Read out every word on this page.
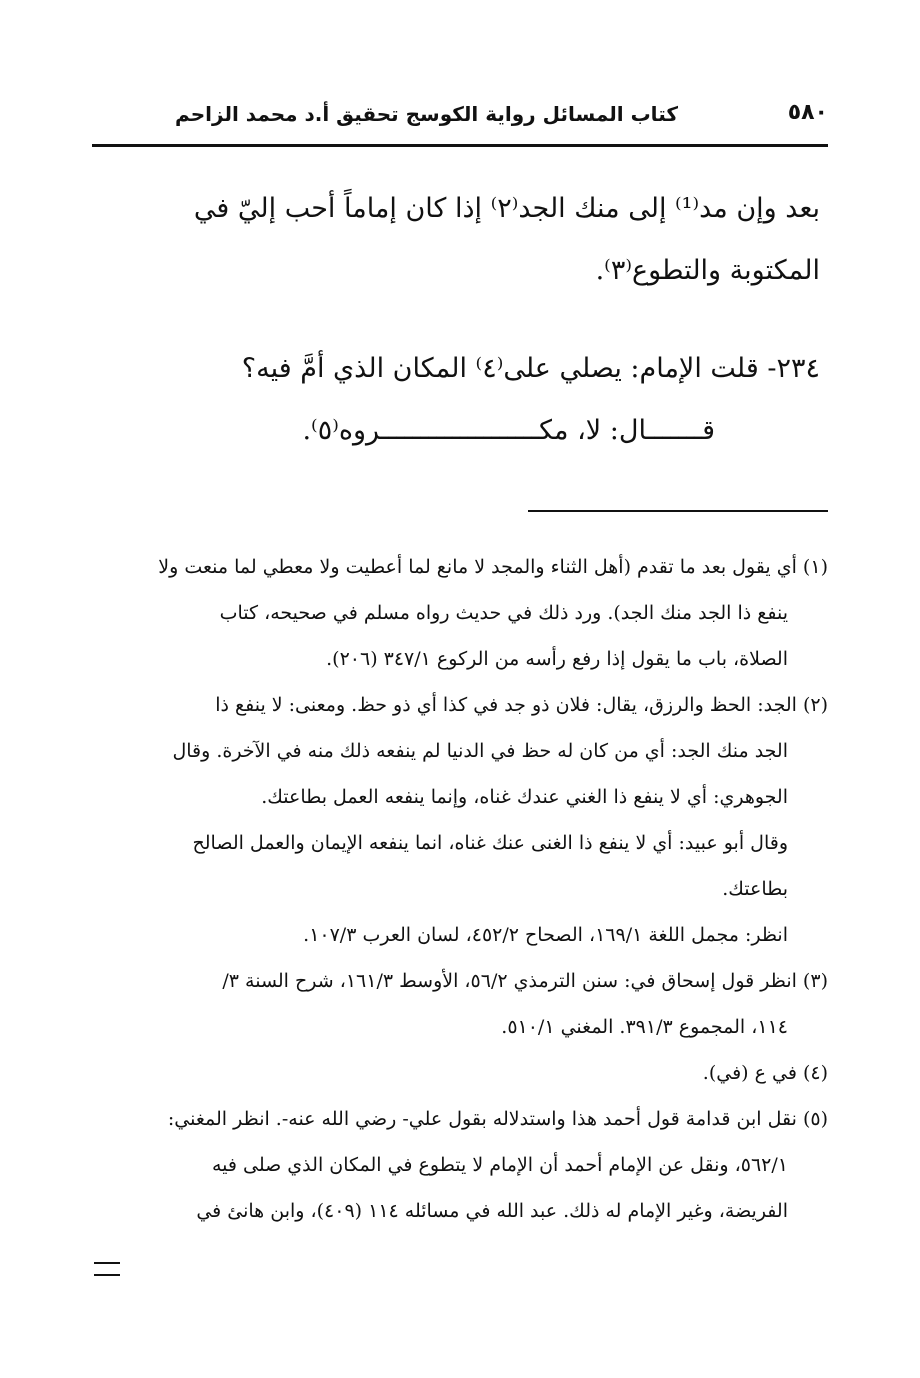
٥٨٠
كتاب المسائل رواية الكوسج تحقيق أ.د محمد الزاحم

بعد وإن مد⁽¹⁾ إلى منك الجد⁽٢⁾ إذا كان إماماً أحب إليّ في

المكتوبة والتطوع⁽٣⁾.

٢٣٤- قلت الإمام: يصلي على⁽٤⁾ المكان الذي أمَّ فيه؟

قـــــــال: لا، مكــــــــــــــــــــروه⁽٥⁾.

(١) أي يقول بعد ما تقدم (أهل الثناء والمجد لا مانع لما أعطيت ولا معطي لما منعت ولا
ينفع ذا الجد منك الجد). ورد ذلك في حديث رواه مسلم في صحيحه، كتاب
الصلاة، باب ما يقول إذا رفع رأسه من الركوع ٣٤٧/١ (٢٠٦).
(٢) الجد: الحظ والرزق، يقال: فلان ذو جد في كذا أي ذو حظ. ومعنى: لا ينفع ذا
الجد منك الجد: أي من كان له حظ في الدنيا لم ينفعه ذلك منه في الآخرة. وقال
الجوهري: أي لا ينفع ذا الغني عندك غناه، وإنما ينفعه العمل بطاعتك.
وقال أبو عبيد: أي لا ينفع ذا الغنى عنك غناه، انما ينفعه الإيمان والعمل الصالح
بطاعتك.
انظر: مجمل اللغة ١٦٩/١، الصحاح ٤٥٢/٢، لسان العرب ١٠٧/٣.
(٣) انظر قول إسحاق في: سنن الترمذي ٥٦/٢، الأوسط ١٦١/٣، شرح السنة ٣/
١١٤، المجموع ٣٩١/٣. المغني ٥١٠/١.
(٤) في ع (في).
(٥) نقل ابن قدامة قول أحمد هذا واستدلاله بقول علي- رضي الله عنه-. انظر المغني:
٥٦٢/١، ونقل عن الإمام أحمد أن الإمام لا يتطوع في المكان الذي صلى فيه
الفريضة، وغير الإمام له ذلك. عبد الله في مسائله ١١٤ (٤٠٩)، وابن هانئ في
